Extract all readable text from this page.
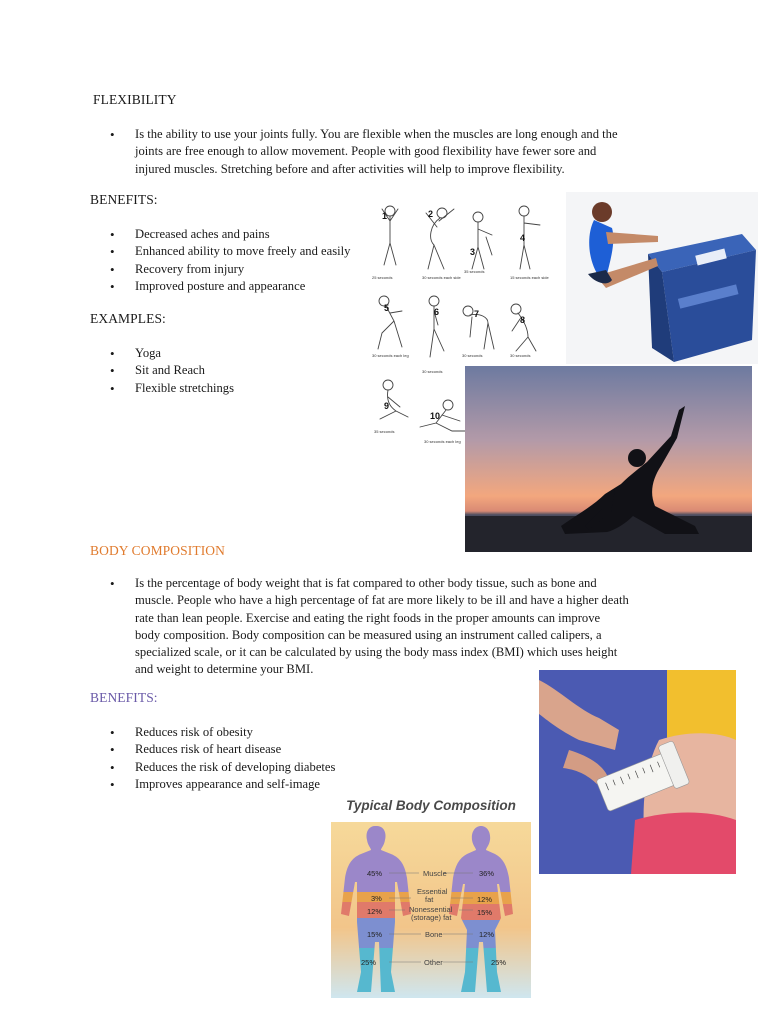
FLEXIBILITY
• Is the ability to use your joints fully. You are flexible when the muscles are long enough and the
joints are free enough to allow movement. People with good flexibility have fewer sore and
injured muscles. Stretching before and after activities will help to improve flexibility.
BENEFITS:
• Decreased aches and pains
• Enhanced ability to move freely and easily
• Recovery from injury
• Improved posture and appearance
EXAMPLES:
• Yoga
• Sit and Reach
• Flexible stretchings
1	2
3
4
5	6	7
8
9
10
25 seconds	30 seconds each side
35 seconds
15 seconds each side
30 seconds each leg
30 seconds
30 seconds	30 seconds
35 seconds
30 seconds each leg
BODY COMPOSITION
• Is the percentage of body weight that is fat compared to other body tissue, such as bone and
muscle. People who have a high percentage of fat are more likely to be ill and have a higher death
rate than lean people. Exercise and eating the right foods in the proper amounts can improve
body composition. Body composition can be measured using an instrument called calipers, a
specialized scale, or it can be calculated by using the body mass index (BMI) which uses height
and weight to determine your BMI.
BENEFITS:
• Reduces risk of obesity
• Reduces risk of heart disease
• Reduces the risk of developing diabetes
• Improves appearance and self-image
Typical Body Composition
45%	36%
Muscle
3%	12%
Essential
fat
12%	15%
Nonessential
(storage) fat
15%	12%
Bone
25%	25%
Other
